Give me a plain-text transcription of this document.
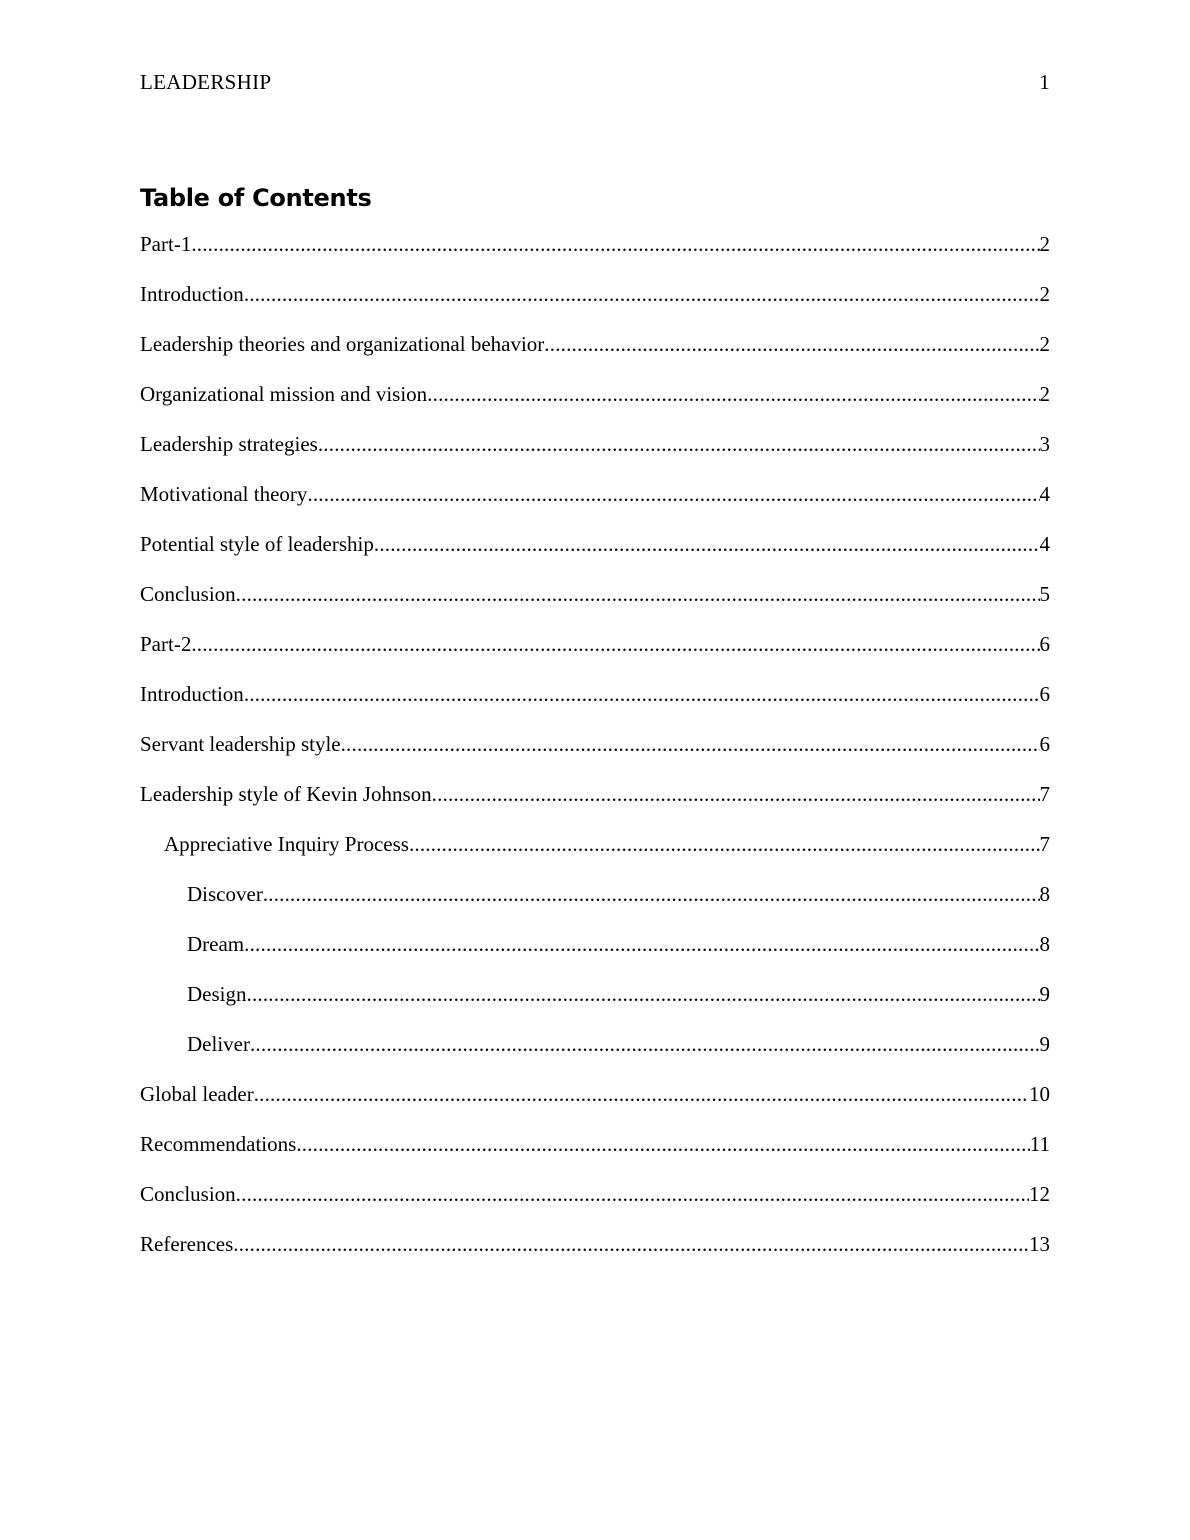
LEADERSHIP	1
Table of Contents
Part-1 .....	2
Introduction .....	2
Leadership theories and organizational behavior .....	2
Organizational mission and vision .....	2
Leadership strategies .....	3
Motivational theory .....	4
Potential style of leadership .....	4
Conclusion .....	5
Part-2 .....	6
Introduction .....	6
Servant leadership style .....	6
Leadership style of Kevin Johnson .....	7
Appreciative Inquiry Process .....	7
Discover .....	8
Dream .....	8
Design .....	9
Deliver .....	9
Global leader .....	10
Recommendations .....	11
Conclusion .....	12
References .....	13
